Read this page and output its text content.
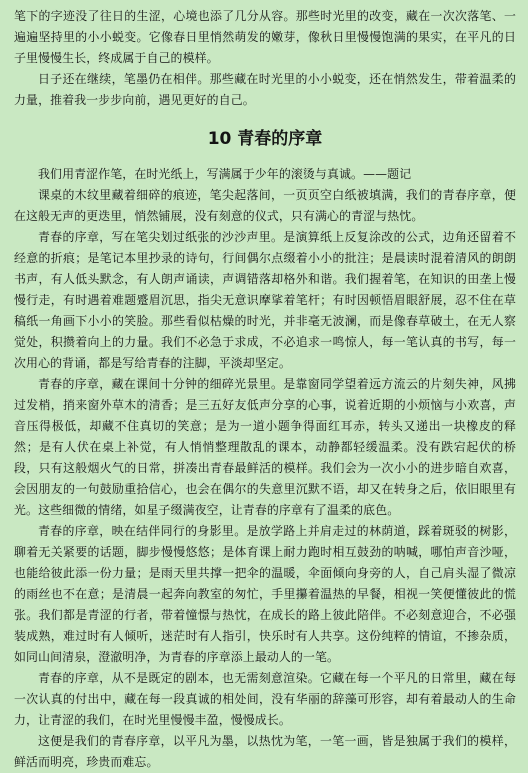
笔下的字迹没了往日的生涩，心境也添了几分从容。那些时光里的改变，藏在一次次落笔、一遍遍坚持里的小小蜕变。它像春日里悄然萌发的嫩芽，像秋日里慢慢饱满的果实，在平凡的日子里慢慢生长，终成属于自己的模样。

日子还在继续，笔墨仍在相伴。那些藏在时光里的小小蜕变，还在悄然发生，带着温柔的力量，推着我一步步向前，遇见更好的自己。

10 青春的序章

我们用青涩作笔，在时光纸上，写满属于少年的滚烫与真诚。——题记

课桌的木纹里藏着细碎的痕迹，笔尖起落间，一页页空白纸被填满，我们的青春序章，便在这般无声的更迭里，悄然铺展，没有刻意的仪式，只有满心的青涩与热忱。

青春的序章，写在笔尖划过纸张的沙沙声里。是演算纸上反复涂改的公式，边角还留着不经意的折痕；是笔记本里抄录的诗句，行间偶尔点缀着小小的批注；是晨读时混着清风的朗朗书声，有人低头默念，有人朗声诵读，声调错落却格外和谐。我们握着笔，在知识的田垄上慢慢行走，有时遇着难题蹙眉沉思，指尖无意识摩挲着笔杆；有时因顿悟眉眼舒展，忍不住在草稿纸一角画下小小的笑脸。那些看似枯燥的时光，并非毫无波澜，而是像春草破土，在无人察觉处，积攒着向上的力量。我们不必急于求成，不必追求一鸣惊人，每一笔认真的书写，每一次用心的背诵，都是写给青春的注脚，平淡却坚定。

青春的序章，藏在课间十分钟的细碎光景里。是靠窗同学望着远方流云的片刻失神，风拂过发梢，捎来窗外草木的清香；是三五好友低声分享的心事，说着近期的小烦恼与小欢喜，声音压得极低，却藏不住真切的笑意；是为一道小题争得面红耳赤，转头又递出一块橡皮的释然；是有人伏在桌上补觉，有人悄悄整理散乱的课本，动静都轻缓温柔。没有跌宕起伏的桥段，只有这般烟火气的日常，拼凑出青春最鲜活的模样。我们会为一次小小的进步暗自欢喜，会因朋友的一句鼓励重拾信心，也会在偶尔的失意里沉默不语，却又在转身之后，依旧眼里有光。这些细微的情绪，如星子缀满夜空，让青春的序章有了温柔的底色。

青春的序章，映在结伴同行的身影里。是放学路上并肩走过的林荫道，踩着斑驳的树影，聊着无关紧要的话题，脚步慢慢悠悠；是体育课上耐力跑时相互鼓劲的呐喊，哪怕声音沙哑，也能给彼此添一份力量；是雨天里共撑一把伞的温暖，伞面倾向身旁的人，自己肩头湿了微凉的雨丝也不在意；是清晨一起奔向教室的匆忙，手里攥着温热的早餐，相视一笑便懂彼此的慌张。我们都是青涩的行者，带着憧憬与热忱，在成长的路上彼此陪伴。不必刻意迎合，不必强装成熟，难过时有人倾听，迷茫时有人指引，快乐时有人共享。这份纯粹的情谊，不掺杂质，如同山间清泉，澄澈明净，为青春的序章添上最动人的一笔。

青春的序章，从不是既定的剧本，也无需刻意渲染。它藏在每一个平凡的日常里，藏在每一次认真的付出中，藏在每一段真诚的相处间，没有华丽的辞藻可形容，却有着最动人的生命力，让青涩的我们，在时光里慢慢丰盈，慢慢成长。

这便是我们的青春序章，以平凡为墨，以热忱为笔，一笔一画，皆是独属于我们的模样，鲜活而明亮，珍贵而难忘。
